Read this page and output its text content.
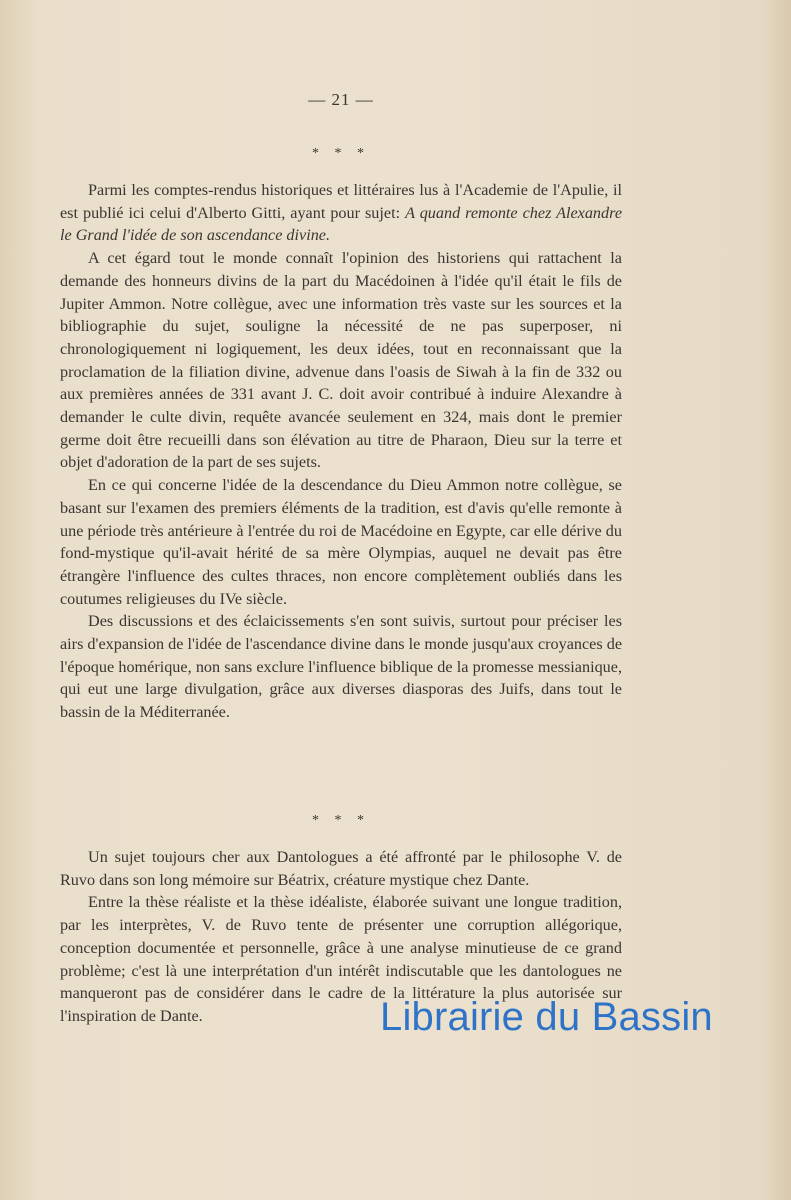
— 21 —
* * *

Parmi les comptes-rendus historiques et littéraires lus à l'Academie de l'Apulie, il est publié ici celui d'Alberto Gitti, ayant pour sujet: A quand remonte chez Alexandre le Grand l'idée de son ascendance divine.

A cet égard tout le monde connaît l'opinion des historiens qui rattachent la demande des honneurs divins de la part du Macédoinen à l'idée qu'il était le fils de Jupiter Ammon. Notre collègue, avec une information très vaste sur les sources et la bibliographie du sujet, souligne la nécessité de ne pas superposer, ni chronologiquement ni logiquement, les deux idées, tout en reconnaissant que la proclamation de la filiation divine, advenue dans l'oasis de Siwah à la fin de 332 ou aux premières années de 331 avant J. C. doit avoir contribué à induire Alexandre à demander le culte divin, requête avancée seulement en 324, mais dont le premier germe doit être recueilli dans son élévation au titre de Pharaon, Dieu sur la terre et objet d'adoration de la part de ses sujets.

En ce qui concerne l'idée de la descendance du Dieu Ammon notre collègue, se basant sur l'examen des premiers éléments de la tradition, est d'avis qu'elle remonte à une période très antérieure à l'entrée du roi de Macédoine en Egypte, car elle dérive du fond-mystique qu'il-avait hérité de sa mère Olympias, auquel ne devait pas être étrangère l'influence des cultes thraces, non encore complètement oubliés dans les coutumes religieuses du IVe siècle.

Des discussions et des éclaicissements s'en sont suivis, surtout pour préciser les airs d'expansion de l'idée de l'ascendance divine dans le monde jusqu'aux croyances de l'époque homérique, non sans exclure l'influence biblique de la promesse messianique, qui eut une large divulgation, grâce aux diverses diasporas des Juifs, dans tout le bassin de la Méditerranée.

* * *

Un sujet toujours cher aux Dantologues a été affronté par le philosophe V. de Ruvo dans son long mémoire sur Béatrix, créature mystique chez Dante.

Entre la thèse réaliste et la thèse idéaliste, élaborée suivant une longue tradition, par les interprètes, V. de Ruvo tente de présenter une corruption allégorique, conception documentée et personnelle, grâce à une analyse minutieuse de ce grand problème; c'est là une interprétation d'un intérêt indiscutable que les dantologues ne manqueront pas de considérer dans le cadre de la littérature la plus autorisée sur l'inspiration de Dante.	Librairie du Bassin
